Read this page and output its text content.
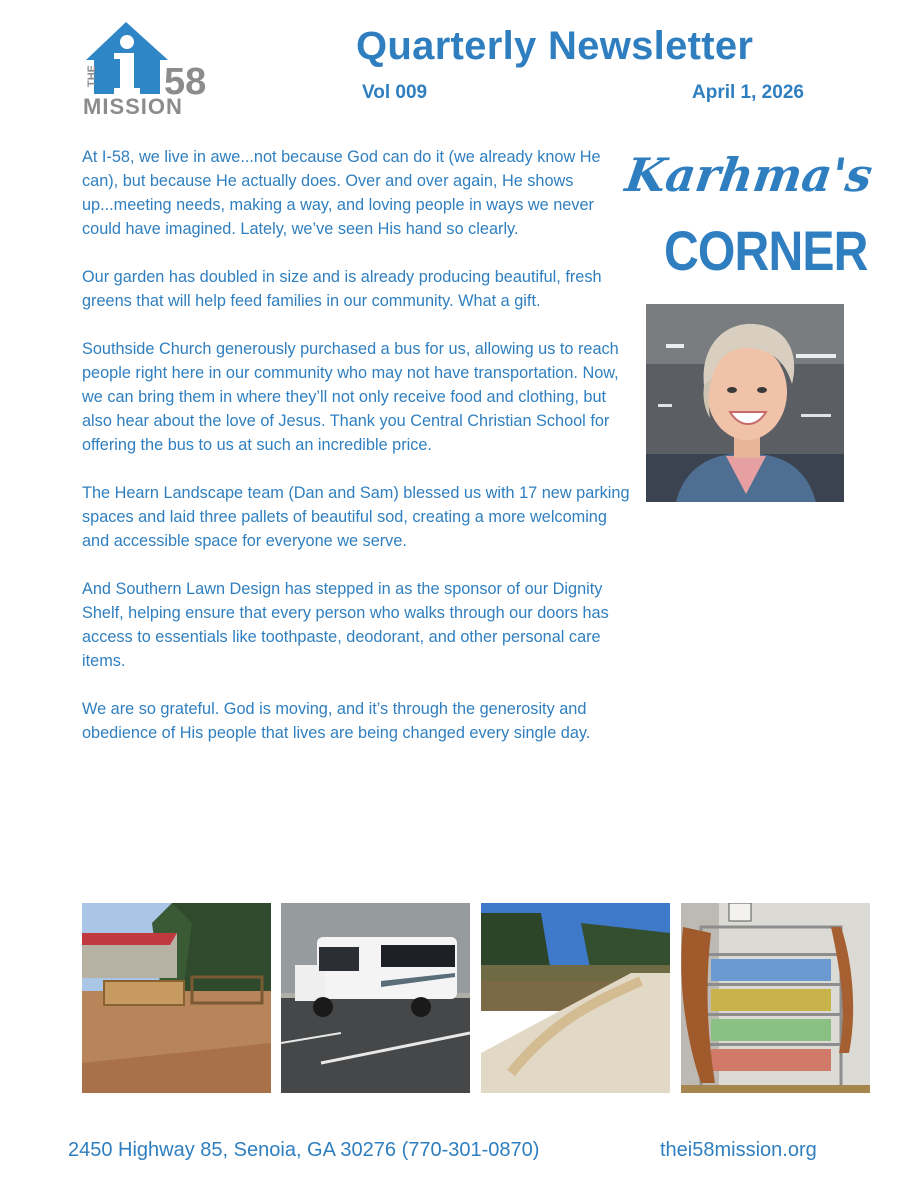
THE 58
MISSION
Quarterly Newsletter
Vol 009	April 1, 2026

At I-58, we live in awe...not because God can do it (we already know He can), but because He actually does. Over and over again, He shows up...meeting needs, making a way, and loving people in ways we never could have imagined. Lately, we’ve seen His hand so clearly.

Our garden has doubled in size and is already producing beautiful, fresh greens that will help feed families in our community. What a gift.

Southside Church generously purchased a bus for us, allowing us to reach people right here in our community who may not have transportation. Now, we can bring them in where they’ll not only receive food and clothing, but also hear about the love of Jesus. Thank you Central Christian School for offering the bus to us at such an incredible price.

The Hearn Landscape team (Dan and Sam) blessed us with 17 new parking spaces and laid three pallets of beautiful sod, creating a more welcoming and accessible space for everyone we serve.

And Southern Lawn Design has stepped in as the sponsor of our Dignity Shelf, helping ensure that every person who walks through our doors has access to essentials like toothpaste, deodorant, and other personal care items.

We are so grateful. God is moving, and it’s through the generosity and obedience of His people that lives are being changed every single day.

Karhma's
CORNER
2450 Highway 85, Senoia, GA 30276 (770-301-0870)	thei58mission.org
